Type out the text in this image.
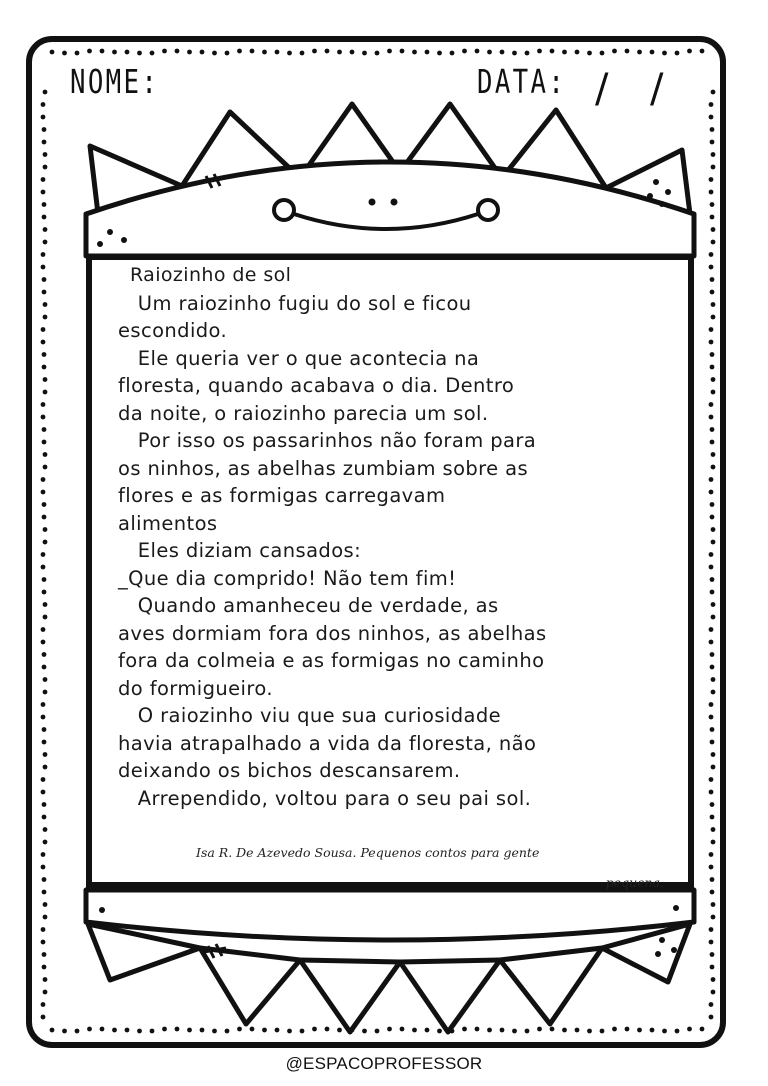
NOME:	DATA: / /
Raiozinho de sol
Um raiozinho fugiu do sol e ficou
escondido.
Ele queria ver o que acontecia na
floresta, quando acabava o dia. Dentro
da noite, o raiozinho parecia um sol.
Por isso os passarinhos não foram para
os ninhos, as abelhas zumbiam sobre as
flores e as formigas carregavam
alimentos
Eles diziam cansados:
_Que dia comprido! Não tem fim!
Quando amanheceu de verdade, as
aves dormiam fora dos ninhos, as abelhas
fora da colmeia e as formigas no caminho
do formigueiro.
O raiozinho viu que sua curiosidade
havia atrapalhado a vida da floresta, não
deixando os bichos descansarem.
Arrependido, voltou para o seu pai sol.
Isa R. De Azevedo Sousa. Pequenos contos para gente
pequena.
@ESPACOPROFESSOR
